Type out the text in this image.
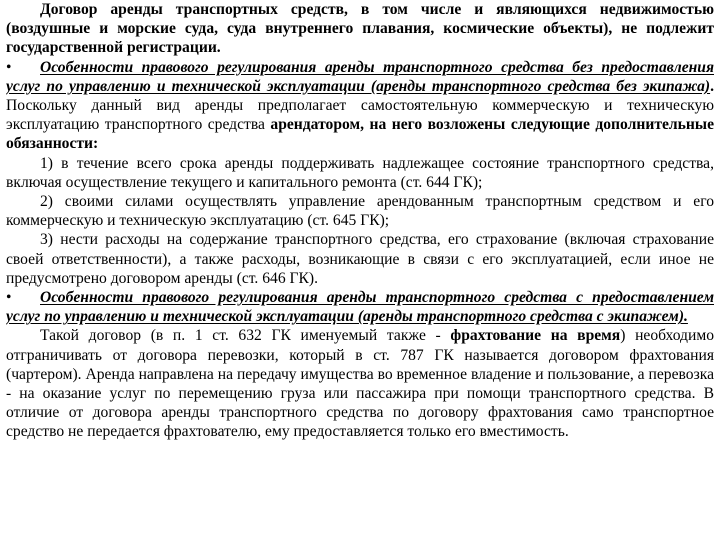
Договор аренды транспортных средств, в том числе и являющихся недвижимостью (воздушные и морские суда, суда внутреннего плавания, космические объекты), не подлежит государственной регистрации.

• Особенности правового регулирования аренды транспортного средства без предоставления услуг по управлению и технической эксплуатации (аренды транспортного средства без экипажа). Поскольку данный вид аренды предполагает самостоятельную коммерческую и техническую эксплуатацию транспортного средства арендатором, на него возложены следующие дополнительные обязанности:

1) в течение всего срока аренды поддерживать надлежащее состояние транспортного средства, включая осуществление текущего и капитального ремонта (ст. 644 ГК);

2) своими силами осуществлять управление арендованным транспортным средством и его коммерческую и техническую эксплуатацию (ст. 645 ГК);

3) нести расходы на содержание транспортного средства, его страхование (включая страхование своей ответственности), а также расходы, возникающие в связи с его эксплуатацией, если иное не предусмотрено договором аренды (ст. 646 ГК).

• Особенности правового регулирования аренды транспортного средства с предоставлением услуг по управлению и технической эксплуатации (аренды транспортного средства с экипажем).

Такой договор (в п. 1 ст. 632 ГК именуемый также - фрахтование на время) необходимо отграничивать от договора перевозки, который в ст. 787 ГК называется договором фрахтования (чартером). Аренда направлена на передачу имущества во временное владение и пользование, а перевозка - на оказание услуг по перемещению груза или пассажира при помощи транспортного средства. В отличие от договора аренды транспортного средства по договору фрахтования само транспортное средство не передается фрахтователю, ему предоставляется только его вместимость.
